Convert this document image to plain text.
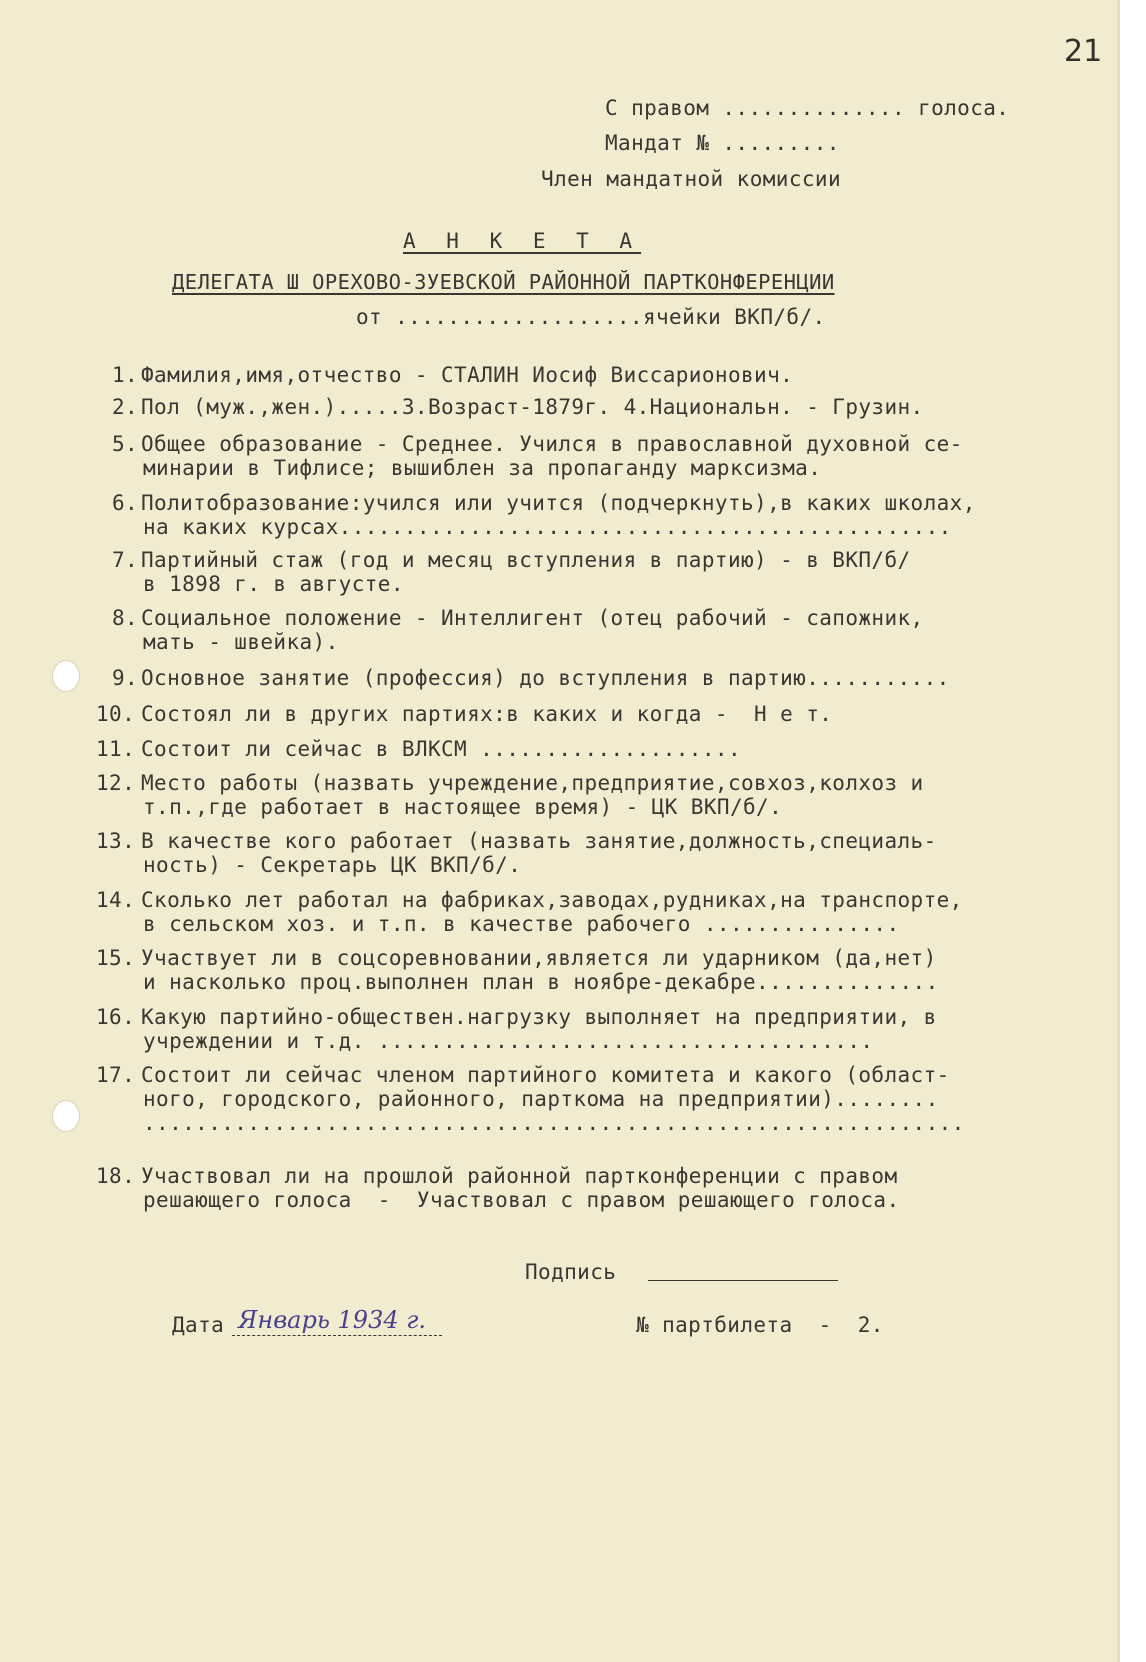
21
С правом .............. голоса.
Мандат № .........
Член мандатной комиссии
А Н К Е Т А
ДЕЛЕГАТА Ш ОРЕХОВО-ЗУЕВСКОЙ РАЙОННОЙ ПАРТКОНФЕРЕНЦИИ
от ...................ячейки ВКП/б/.
1. Фамилия,имя,отчество - СТАЛИН Иосиф Виссарионович.
2. Пол (муж.,жен.).....3.Возраст-1879г. 4.Национальн. - Грузин.
5. Общее образование - Среднее. Учился в православной духовной се-
минарии в Тифлисе; вышиблен за пропаганду марксизма.
6. Политобразование:учился или учится (подчеркнуть),в каких школах,
на каких курсах...............................................
7. Партийный стаж (год и месяц вступления в партию) - в ВКП/б/
в 1898 г. в августе.
8. Социальное положение - Интеллигент (отец рабочий - сапожник,
мать - швейка).
9. Основное занятие (профессия) до вступления в партию...........
10. Состоял ли в других партиях:в каких и когда -  Н е т.
11. Состоит ли сейчас в ВЛКСМ ....................
12. Место работы (назвать учреждение,предприятие,совхоз,колхоз и
т.п.,где работает в настоящее время) - ЦК ВКП/б/.
13. В качестве кого работает (назвать занятие,должность,специаль-
ность) - Секретарь ЦК ВКП/б/.
14. Сколько лет работал на фабриках,заводах,рудниках,на транспорте,
в сельском хоз. и т.п. в качестве рабочего ...............
15. Участвует ли в соцсоревновании,является ли ударником (да,нет)
и насколько проц.выполнен план в ноябре-декабре..............
16. Какую партийно-обществен.нагрузку выполняет на предприятии, в
учреждении и т.д. ......................................
17. Состоит ли сейчас членом партийного комитета и какого (област-
ного, городского, районного, парткома на предприятии)........
...............................................................
18. Участвовал ли на прошлой районной партконференции с правом
решающего голоса  -  Участвовал с правом решающего голоса.
Подпись
Дата Январь 1934 г.	№ партбилета  -  2.
